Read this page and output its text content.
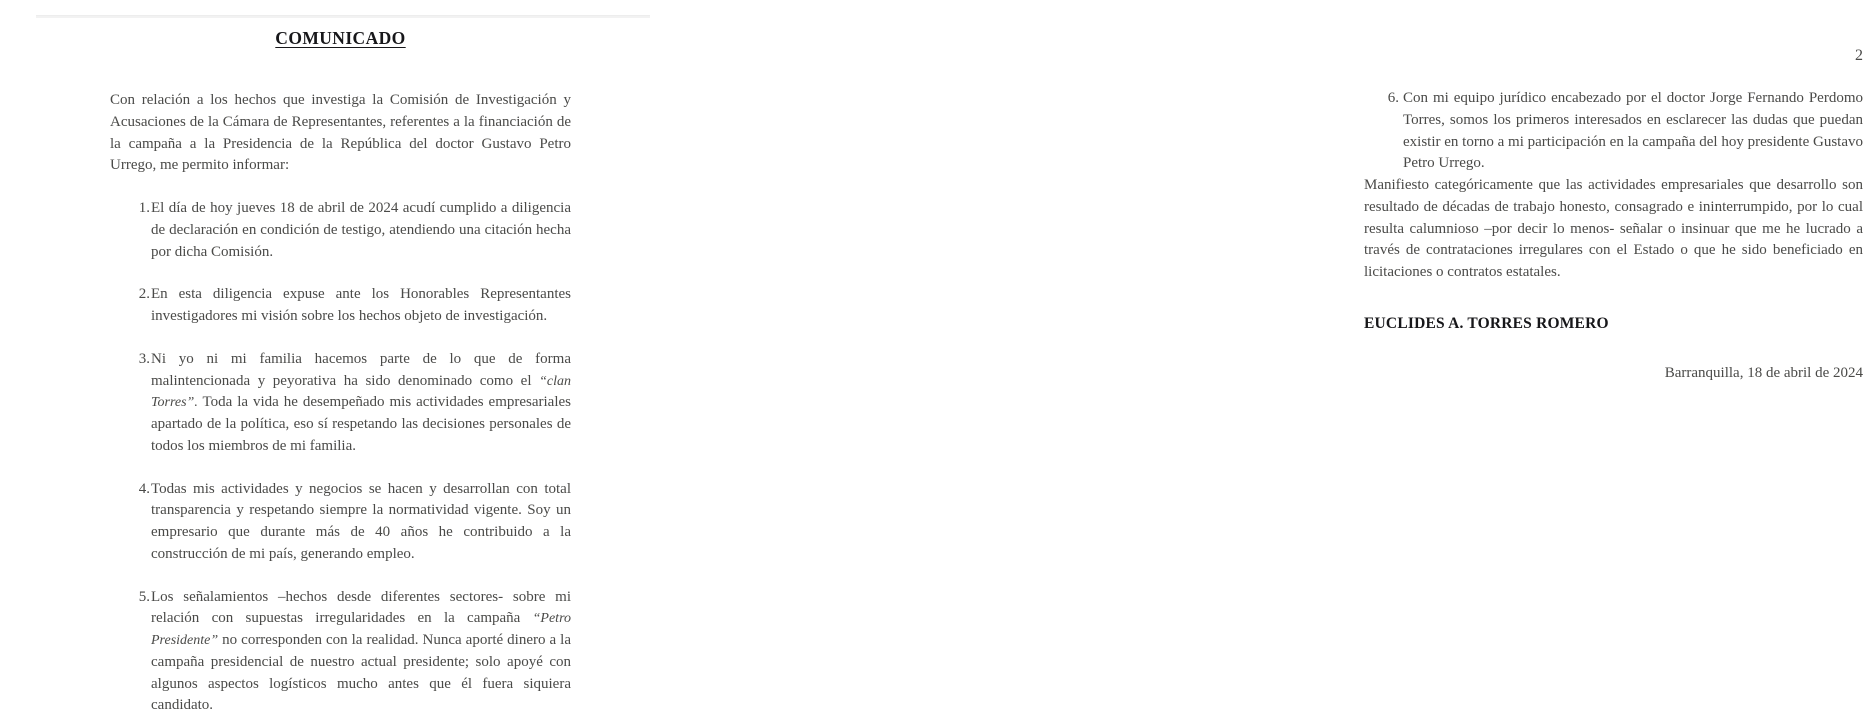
COMUNICADO

Con relación a los hechos que investiga la Comisión de Investigación y Acusaciones de la Cámara de Representantes, referentes a la financiación de la campaña a la Presidencia de la República del doctor Gustavo Petro Urrego, me permito informar:

1. El día de hoy jueves 18 de abril de 2024 acudí cumplido a diligencia de declaración en condición de testigo, atendiendo una citación hecha por dicha Comisión.
2. En esta diligencia expuse ante los Honorables Representantes investigadores mi visión sobre los hechos objeto de investigación.
3. Ni yo ni mi familia hacemos parte de lo que de forma malintencionada y peyorativa ha sido denominado como el “clan Torres”. Toda la vida he desempeñado mis actividades empresariales apartado de la política, eso sí respetando las decisiones personales de todos los miembros de mi familia.
4. Todas mis actividades y negocios se hacen y desarrollan con total transparencia y respetando siempre la normatividad vigente. Soy un empresario que durante más de 40 años he contribuido a la construcción de mi país, generando empleo.
5. Los señalamientos –hechos desde diferentes sectores- sobre mi relación con supuestas irregularidades en la campaña “Petro Presidente” no corresponden con la realidad. Nunca aporté dinero a la campaña presidencial de nuestro actual presidente; solo apoyé con algunos aspectos logísticos mucho antes que él fuera siquiera candidato.
2
6. Con mi equipo jurídico encabezado por el doctor Jorge Fernando Perdomo Torres, somos los primeros interesados en esclarecer las dudas que puedan existir en torno a mi participación en la campaña del hoy presidente Gustavo Petro Urrego.

Manifiesto categóricamente que las actividades empresariales que desarrollo son resultado de décadas de trabajo honesto, consagrado e ininterrumpido, por lo cual resulta calumnioso –por decir lo menos- señalar o insinuar que me he lucrado a través de contrataciones irregulares con el Estado o que he sido beneficiado en licitaciones o contratos estatales.

EUCLIDES A. TORRES ROMERO
Barranquilla, 18 de abril de 2024
